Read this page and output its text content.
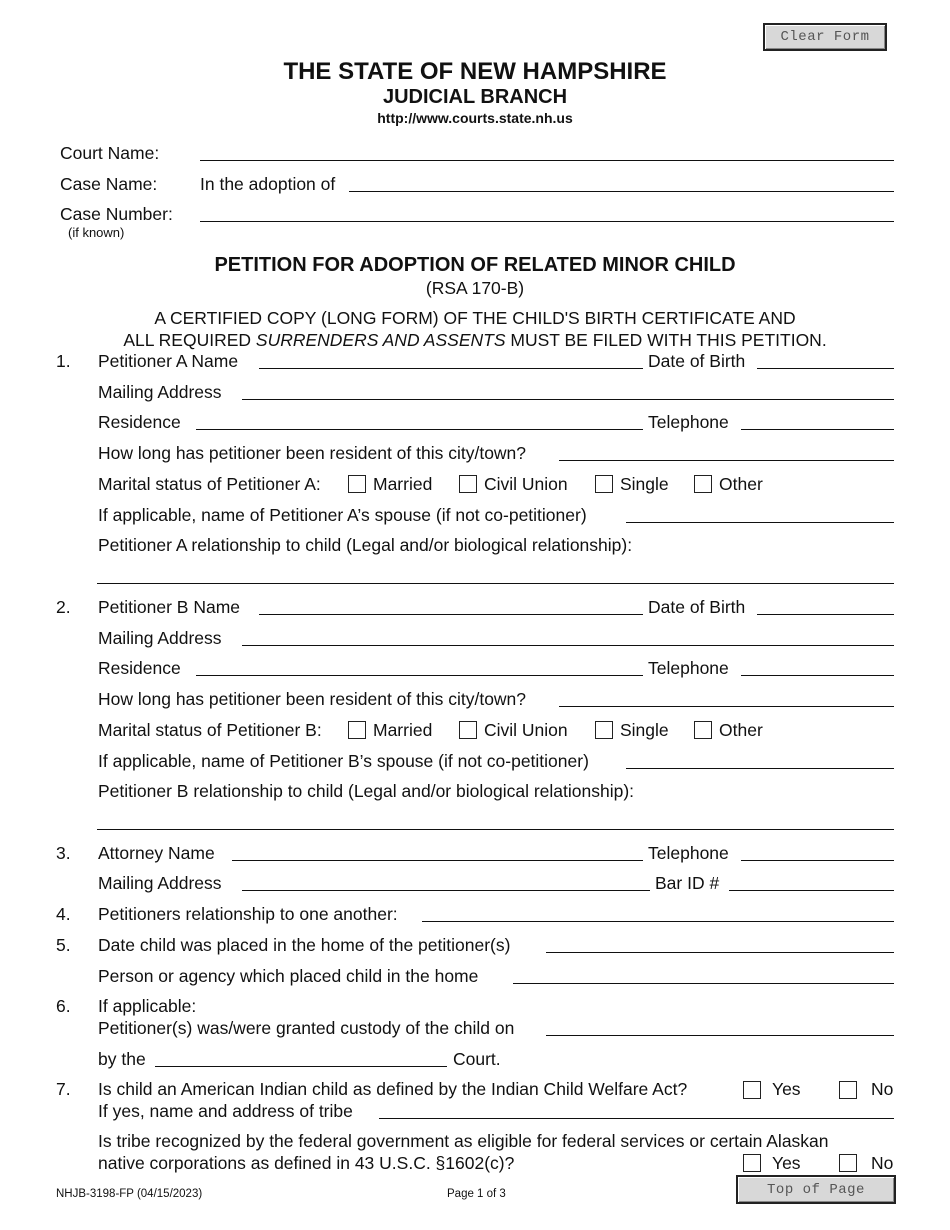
Clear Form
THE STATE OF NEW HAMPSHIRE
JUDICIAL BRANCH
http://www.courts.state.nh.us
Court Name:
Case Name: In the adoption of
Case Number:
(if known)
PETITION FOR ADOPTION OF RELATED MINOR CHILD
(RSA 170-B)
A CERTIFIED COPY (LONG FORM) OF THE CHILD'S BIRTH CERTIFICATE AND
ALL REQUIRED SURRENDERS AND ASSENTS MUST BE FILED WITH THIS PETITION.
1. Petitioner A Name	Date of Birth
Mailing Address
Residence	Telephone
How long has petitioner been resident of this city/town?
Marital status of Petitioner A:	Married	Civil Union	Single	Other
If applicable, name of Petitioner A’s spouse (if not co-petitioner)
Petitioner A relationship to child (Legal and/or biological relationship):
2. Petitioner B Name	Date of Birth
Mailing Address
Residence	Telephone
How long has petitioner been resident of this city/town?
Marital status of Petitioner B:	Married	Civil Union	Single	Other
If applicable, name of Petitioner B’s spouse (if not co-petitioner)
Petitioner B relationship to child (Legal and/or biological relationship):
3. Attorney Name	Telephone
Mailing Address	Bar ID #
4. Petitioners relationship to one another:
5. Date child was placed in the home of the petitioner(s)
Person or agency which placed child in the home
6. If applicable:
Petitioner(s) was/were granted custody of the child on
by the	Court.
7. Is child an American Indian child as defined by the Indian Child Welfare Act?	Yes	No
If yes, name and address of tribe
Is tribe recognized by the federal government as eligible for federal services or certain Alaskan
native corporations as defined in 43 U.S.C. §1602(c)?	Yes	No
NHJB-3198-FP (04/15/2023)	Page 1 of 3	Top of Page
